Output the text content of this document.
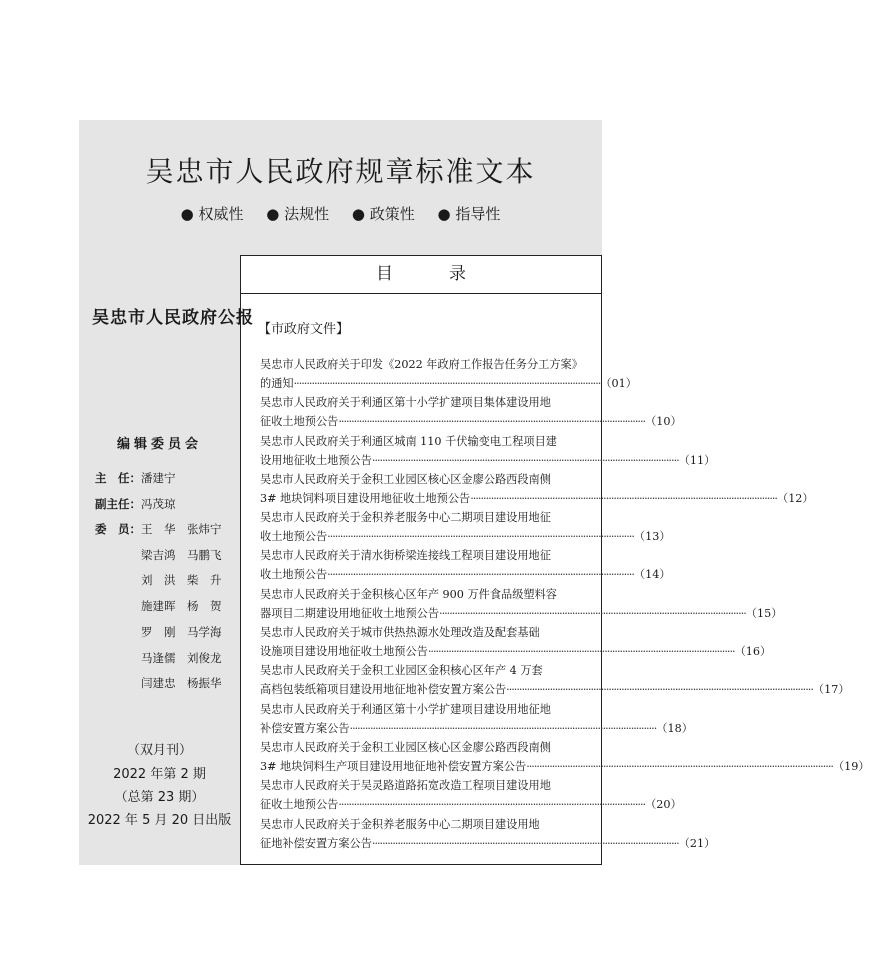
吴忠市人民政府规章标准文本
● 权威性 ● 法规性 ● 政策性 ● 指导性
目录
【市政府文件】
吴忠市人民政府关于印发《2022 年政府工作报告任务分工方案》
的通知 ························································································································ （01）
吴忠市人民政府关于利通区第十小学扩建项目集体建设用地
征收土地预公告 ························································································································ （10）
吴忠市人民政府关于利通区城南 110 千伏输变电工程项目建
设用地征收土地预公告 ························································································································ （11）
吴忠市人民政府关于金积工业园区核心区金廖公路西段南侧
3# 地块饲料项目建设用地征收土地预公告 ························································································································ （12）
吴忠市人民政府关于金积养老服务中心二期项目建设用地征
收土地预公告 ························································································································ （13）
吴忠市人民政府关于清水街桥梁连接线工程项目建设用地征
收土地预公告 ························································································································ （14）
吴忠市人民政府关于金积核心区年产 900 万件食品级塑料容
器项目二期建设用地征收土地预公告 ························································································································ （15）
吴忠市人民政府关于城市供热热源水处理改造及配套基础
设施项目建设用地征收土地预公告 ························································································································ （16）
吴忠市人民政府关于金积工业园区金积核心区年产 4 万套
高档包装纸箱项目建设用地征地补偿安置方案公告 ························································································································ （17）
吴忠市人民政府关于利通区第十小学扩建项目建设用地征地
补偿安置方案公告 ························································································································ （18）
吴忠市人民政府关于金积工业园区核心区金廖公路西段南侧
3# 地块饲料生产项目建设用地征地补偿安置方案公告 ························································································································ （19）
吴忠市人民政府关于吴灵路道路拓宽改造工程项目建设用地
征收土地预公告 ························································································································ （20）
吴忠市人民政府关于金积养老服务中心二期项目建设用地
征地补偿安置方案公告 ························································································································ （21）
吴忠市人民政府公报
编辑委员会
主　任：潘建宁
副主任：冯茂琼
委　员： 王　华 张炜宁
梁吉鸿 马鹏飞
刘　洪 柴　升
施建晖 杨　贺
罗　刚 马学海
马逢儒 刘俊龙
闫建忠 杨振华
（双月刊）
2022 年第 2 期
（总第 23 期）
2022 年 5 月 20 日出版
